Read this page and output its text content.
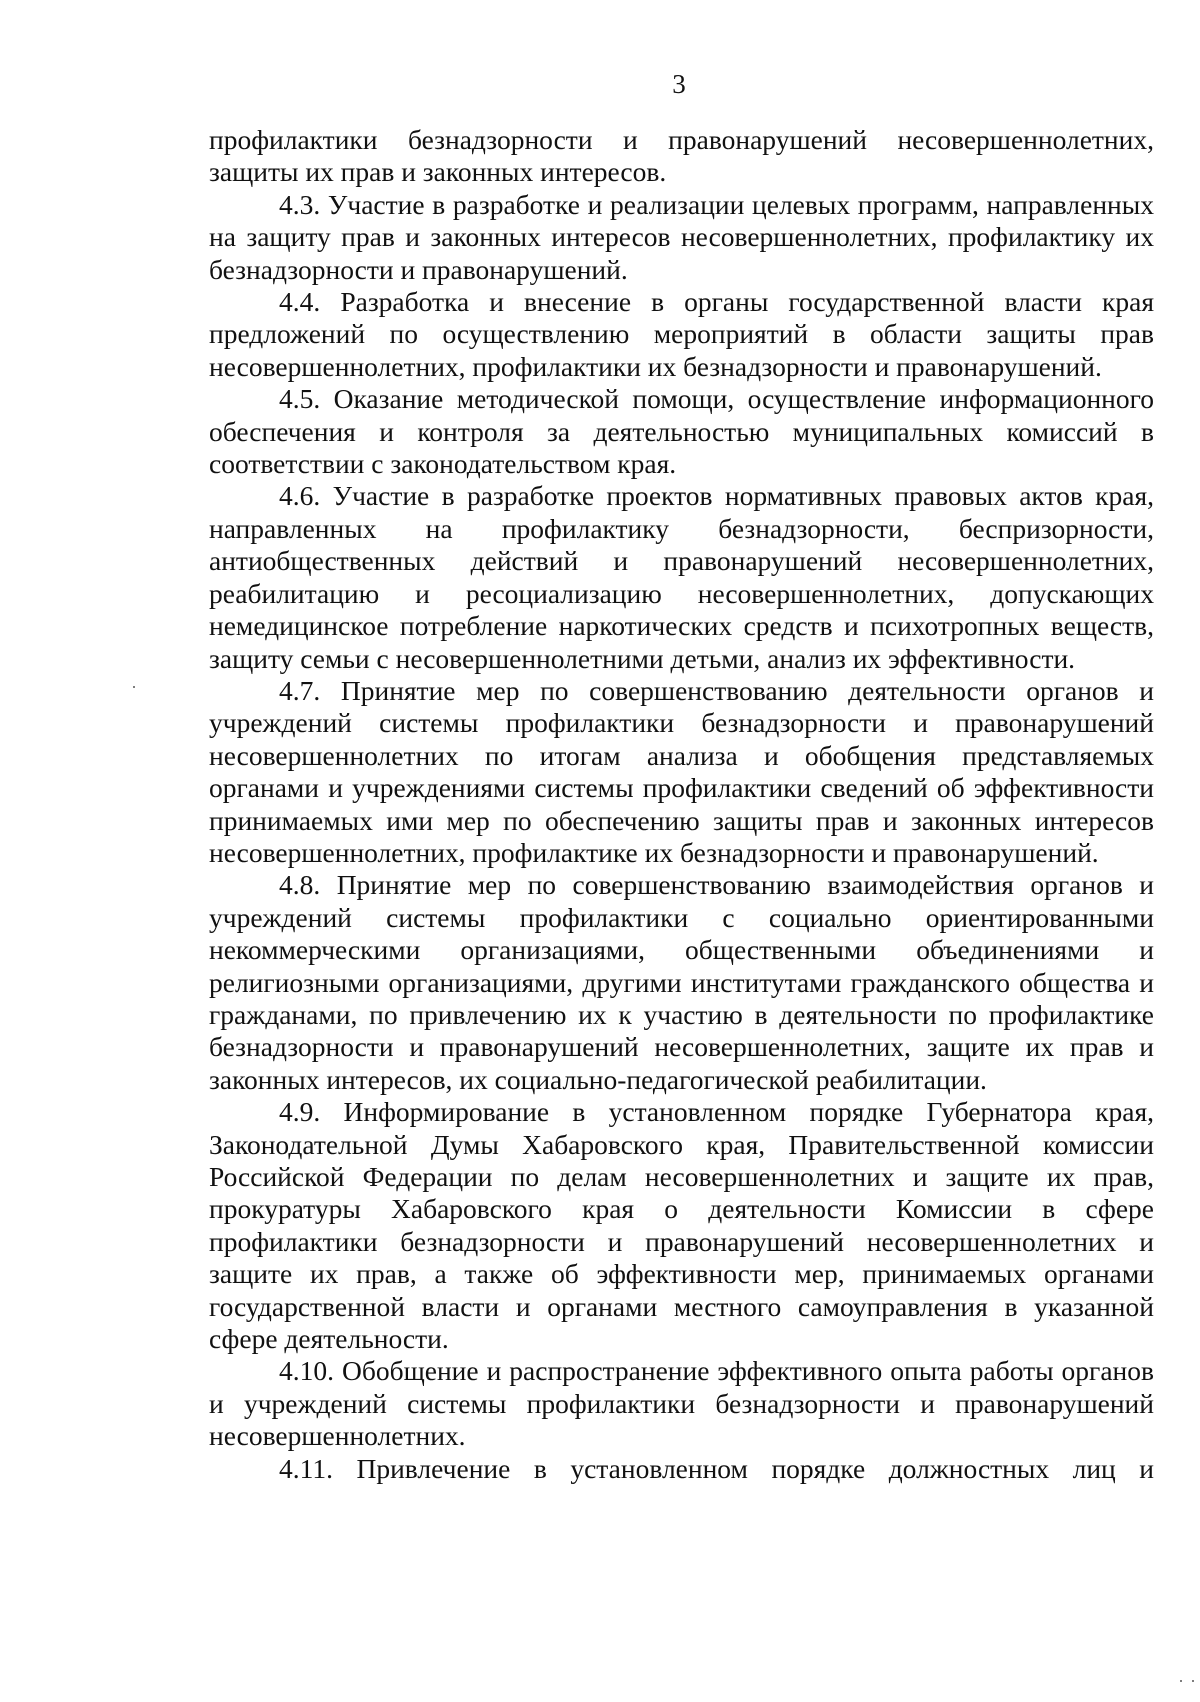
3

профилактики безнадзорности и правонарушений несовершеннолетних, защиты их прав и законных интересов.

4.3. Участие в разработке и реализации целевых программ, направленных на защиту прав и законных интересов несовершеннолетних, профилактику их безнадзорности и правонарушений.

4.4. Разработка и внесение в органы государственной власти края предложений по осуществлению мероприятий в области защиты прав несовершеннолетних, профилактики их безнадзорности и правонарушений.

4.5. Оказание методической помощи, осуществление информационного обеспечения и контроля за деятельностью муниципальных комиссий в соответствии с законодательством края.

4.6. Участие в разработке проектов нормативных правовых актов края, направленных на профилактику безнадзорности, беспризорности, антиобщественных действий и правонарушений несовершеннолетних, реабилитацию и ресоциализацию несовершеннолетних, допускающих немедицинское потребление наркотических средств и психотропных веществ, защиту семьи с несовершеннолетними детьми, анализ их эффективности.

4.7. Принятие мер по совершенствованию деятельности органов и учреждений системы профилактики безнадзорности и правонарушений несовершеннолетних по итогам анализа и обобщения представляемых органами и учреждениями системы профилактики сведений об эффективности принимаемых ими мер по обеспечению защиты прав и законных интересов несовершеннолетних, профилактике их безнадзорности и правонарушений.

4.8. Принятие мер по совершенствованию взаимодействия органов и учреждений системы профилактики с социально ориентированными некоммерческими организациями, общественными объединениями и религиозными организациями, другими институтами гражданского общества и гражданами, по привлечению их к участию в деятельности по профилактике безнадзорности и правонарушений несовершеннолетних, защите их прав и законных интересов, их социально-педагогической реабилитации.

4.9. Информирование в установленном порядке Губернатора края, Законодательной Думы Хабаровского края, Правительственной комиссии Российской Федерации по делам несовершеннолетних и защите их прав, прокуратуры Хабаровского края о деятельности Комиссии в сфере профилактики безнадзорности и правонарушений несовершеннолетних и защите их прав, а также об эффективности мер, принимаемых органами государственной власти и органами местного самоуправления в указанной сфере деятельности.

4.10. Обобщение и распространение эффективного опыта работы органов и учреждений системы профилактики безнадзорности и правонарушений несовершеннолетних.

4.11. Привлечение в установленном порядке должностных лиц и
